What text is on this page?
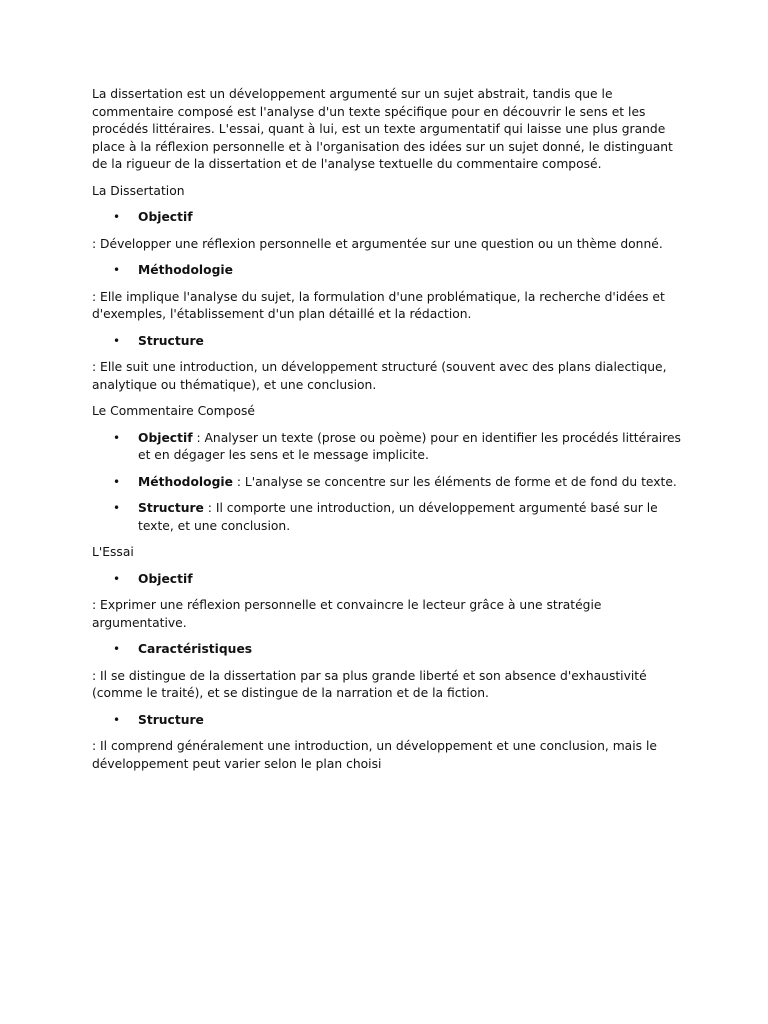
La dissertation est un développement argumenté sur un sujet abstrait, tandis que le commentaire composé est l'analyse d'un texte spécifique pour en découvrir le sens et les procédés littéraires. L'essai, quant à lui, est un texte argumentatif qui laisse une plus grande place à la réflexion personnelle et à l'organisation des idées sur un sujet donné, le distinguant de la rigueur de la dissertation et de l'analyse textuelle du commentaire composé.

La Dissertation

• Objectif

: Développer une réflexion personnelle et argumentée sur une question ou un thème donné.

• Méthodologie

: Elle implique l'analyse du sujet, la formulation d'une problématique, la recherche d'idées et d'exemples, l'établissement d'un plan détaillé et la rédaction.

• Structure

: Elle suit une introduction, un développement structuré (souvent avec des plans dialectique, analytique ou thématique), et une conclusion.

Le Commentaire Composé

• Objectif : Analyser un texte (prose ou poème) pour en identifier les procédés littéraires et en dégager les sens et le message implicite.
• Méthodologie : L'analyse se concentre sur les éléments de forme et de fond du texte.
• Structure : Il comporte une introduction, un développement argumenté basé sur le texte, et une conclusion.

L'Essai

• Objectif

: Exprimer une réflexion personnelle et convaincre le lecteur grâce à une stratégie argumentative.

• Caractéristiques

: Il se distingue de la dissertation par sa plus grande liberté et son absence d'exhaustivité (comme le traité), et se distingue de la narration et de la fiction.

• Structure

: Il comprend généralement une introduction, un développement et une conclusion, mais le développement peut varier selon le plan choisi
